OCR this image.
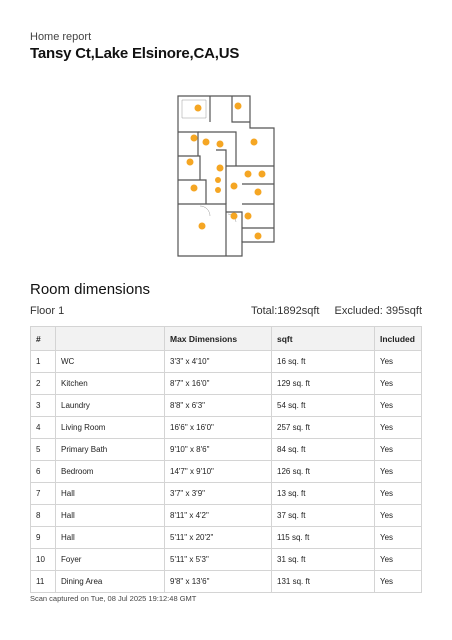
Home report
Tansy Ct,Lake Elsinore,CA,US
Room dimensions
Floor 1	Total:1892sqft Excluded: 395sqft
#		Max Dimensions	sqft	Included
1	WC	3'3" x 4'10"	16 sq. ft	Yes
2	Kitchen	8'7" x 16'0"	129 sq. ft	Yes
3	Laundry	8'8" x 6'3"	54 sq. ft	Yes
4	Living Room	16'6" x 16'0"	257 sq. ft	Yes
5	Primary Bath	9'10" x 8'6"	84 sq. ft	Yes
6	Bedroom	14'7" x 9'10"	126 sq. ft	Yes
7	Hall	3'7" x 3'9"	13 sq. ft	Yes
8	Hall	8'11" x 4'2"	37 sq. ft	Yes
9	Hall	5'11" x 20'2"	115 sq. ft	Yes
10	Foyer	5'11" x 5'3"	31 sq. ft	Yes
11	Dining Area	9'8" x 13'6"	131 sq. ft	Yes
Scan captured on Tue, 08 Jul 2025 19:12:48 GMT
